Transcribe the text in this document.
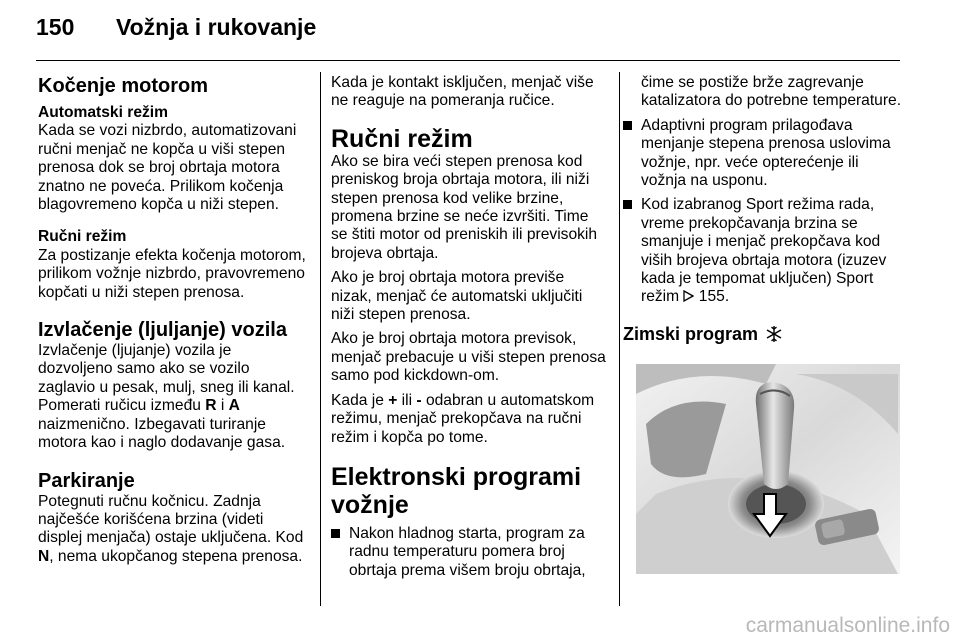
150 Vožnja i rukovanje
Kočenje motorom
Automatski režim

Kada se vozi nizbrdo, automatizovani ručni menjač ne kopča u viši stepen prenosa dok se broj obrtaja motora znatno ne poveća. Prilikom kočenja blagovremeno kopča u niži stepen.

Ručni režim

Za postizanje efekta kočenja motorom, prilikom vožnje nizbrdo, pravovremeno kopčati u niži stepen prenosa.

Izvlačenje (ljuljanje) vozila

Izvlačenje (ljujanje) vozila je dozvoljeno samo ako se vozilo zaglavio u pesak, mulj, sneg ili kanal. Pomerati ručicu između R i A naizmenično. Izbegavati turiranje motora kao i naglo dodavanje gasa.

Parkiranje

Potegnuti ručnu kočnicu. Zadnja najčešće korišćena brzina (videti displej menjača) ostaje uključena. Kod N, nema ukopčanog stepena prenosa.

Kada je kontakt isključen, menjač više ne reaguje na pomeranja ručice.

Ručni režim

Ako se bira veći stepen prenosa kod preniskog broja obrtaja motora, ili niži stepen prenosa kod velike brzine, promena brzine se neće izvršiti. Time se štiti motor od preniskih ili previsokih brojeva obrtaja.

Ako je broj obrtaja motora previše nizak, menjač će automatski uključiti niži stepen prenosa.

Ako je broj obrtaja motora previsok, menjač prebacuje u viši stepen prenosa samo pod kickdown-om.

Kada je + ili - odabran u automatskom režimu, menjač prekopčava na ručni režim i kopča po tome.

Elektronski programi vožnje
Nakon hladnog starta, program za radnu temperaturu pomera broj obrtaja prema višem broju obrtaja,

čime se postiže brže zagrevanje katalizatora do potrebne temperature.

Adaptivni program prilagođava menjanje stepena prenosa uslovima vožnje, npr. veće opterećenje ili vožnja na usponu.
Kod izabranog Sport režima rada, vreme prekopčavanja brzina se smanjuje i menjač prekopčava kod viših brojeva obrtaja motora (izuzev kada je tempomat uključen) Sport režim  155.
Zimski program
carmanualsonline.info
